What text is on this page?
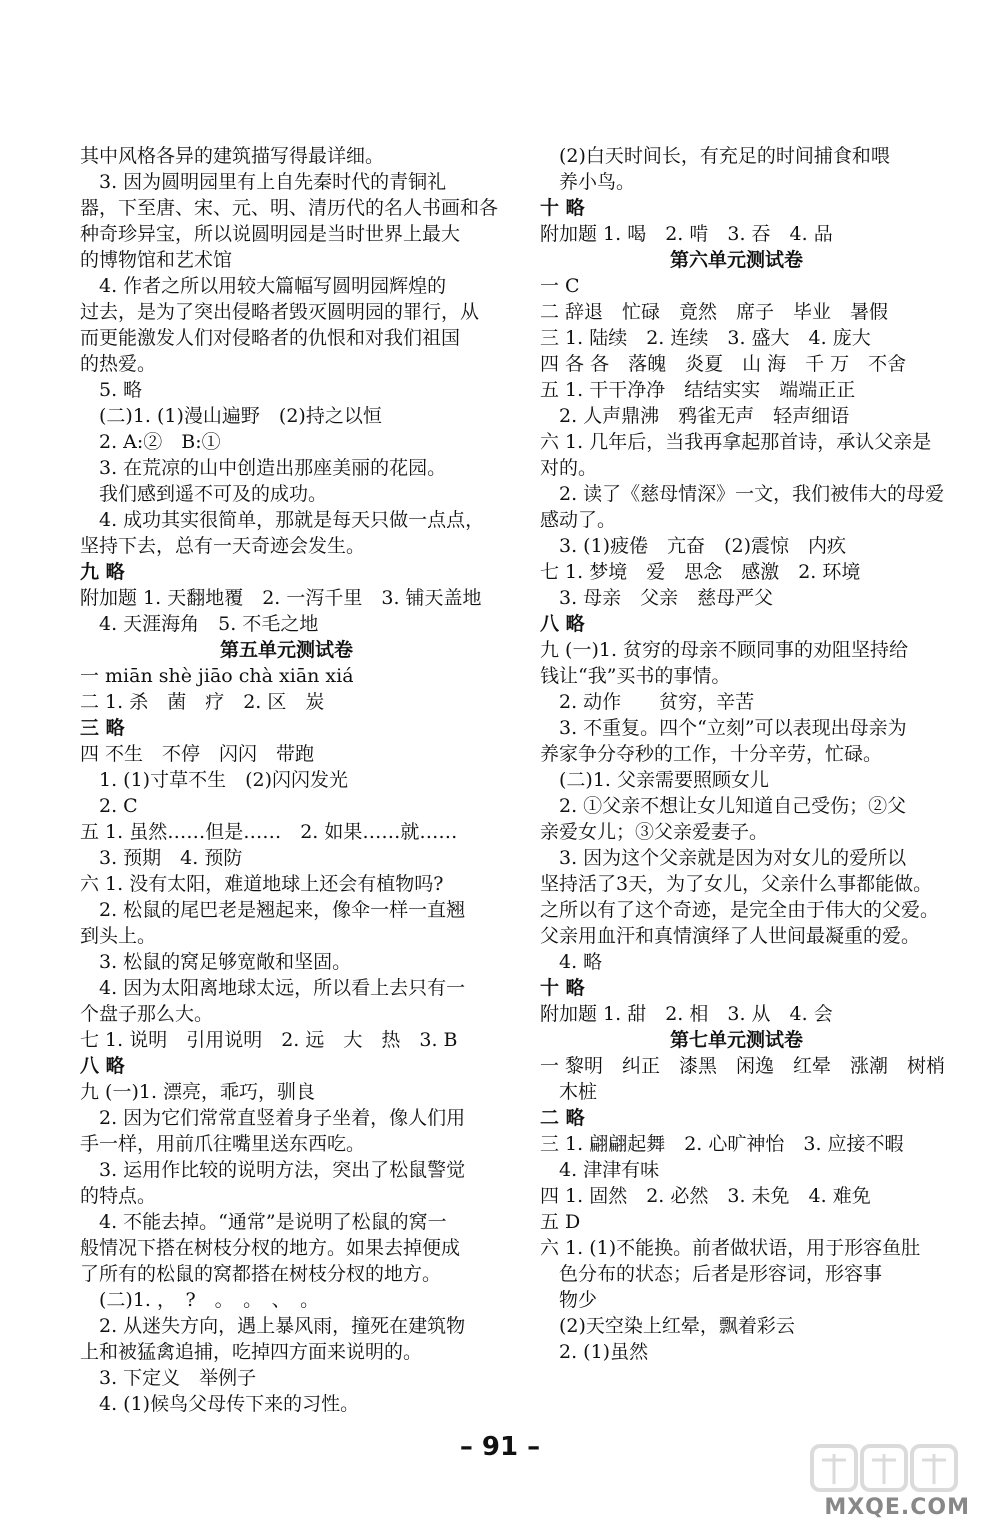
其中风格各异的建筑描写得最详细。
　3. 因为圆明园里有上自先秦时代的青铜礼
器，下至唐、宋、元、明、清历代的名人书画和各
种奇珍异宝，所以说圆明园是当时世界上最大
的博物馆和艺术馆
　4. 作者之所以用较大篇幅写圆明园辉煌的
过去，是为了突出侵略者毁灭圆明园的罪行，从
而更能激发人们对侵略者的仇恨和对我们祖国
的热爱。
　5. 略
　(二)1. (1)漫山遍野　(2)持之以恒
　2. A:②　B:①
　3. 在荒凉的山中创造出那座美丽的花园。
　我们感到遥不可及的成功。
　4. 成功其实很简单，那就是每天只做一点点，
坚持下去，总有一天奇迹会发生。
九 略
附加题 1. 天翻地覆　2. 一泻千里　3. 铺天盖地
　4. 天涯海角　5. 不毛之地
第五单元测试卷
一 miān shè jiāo chà xiān xiá
二 1. 杀　菌　疗　2. 区　炭
三 略
四 不生　不停　闪闪　带跑
　1. (1)寸草不生　(2)闪闪发光
　2. C
五 1. 虽然……但是……　2. 如果……就……
　3. 预期　4. 预防
六 1. 没有太阳，难道地球上还会有植物吗?
　2. 松鼠的尾巴老是翘起来，像伞一样一直翘
到头上。
　3. 松鼠的窝足够宽敞和坚固。
　4. 因为太阳离地球太远，所以看上去只有一
个盘子那么大。
七 1. 说明　引用说明　2. 远　大　热　3. B
八 略
九 (一)1. 漂亮，乖巧，驯良
　2. 因为它们常常直竖着身子坐着，像人们用
手一样，用前爪往嘴里送东西吃。
　3. 运用作比较的说明方法，突出了松鼠警觉
的特点。
　4. 不能去掉。“通常”是说明了松鼠的窝一
般情况下搭在树枝分杈的地方。如果去掉便成
了所有的松鼠的窝都搭在树枝分杈的地方。
　(二)1. ，　?　。　。　、　。
　2. 从迷失方向，遇上暴风雨，撞死在建筑物
上和被猛禽追捕，吃掉四方面来说明的。
　3. 下定义　举例子
　4. (1)候鸟父母传下来的习性。
　(2)白天时间长，有充足的时间捕食和喂
　养小鸟。
十 略
附加题 1. 喝　2. 啃　3. 吞　4. 品
第六单元测试卷
一 C
二 辞退　忙碌　竟然　席子　毕业　暑假
三 1. 陆续　2. 连续　3. 盛大　4. 庞大
四 各 各　落魄　炎夏　山 海　千 万　不舍
五 1. 干干净净　结结实实　端端正正
　2. 人声鼎沸　鸦雀无声　轻声细语
六 1. 几年后，当我再拿起那首诗，承认父亲是
对的。
　2. 读了《慈母情深》一文，我们被伟大的母爱
感动了。
　3. (1)疲倦　亢奋　(2)震惊　内疚
七 1. 梦境　爱　思念　感激　2. 环境
　3. 母亲　父亲　慈母严父
八 略
九 (一)1. 贫穷的母亲不顾同事的劝阻坚持给
钱让“我”买书的事情。
　2. 动作　　贫穷，辛苦
　3. 不重复。四个“立刻”可以表现出母亲为
养家争分夺秒的工作，十分辛劳，忙碌。
　(二)1. 父亲需要照顾女儿
　2. ①父亲不想让女儿知道自己受伤；②父
亲爱女儿；③父亲爱妻子。
　3. 因为这个父亲就是因为对女儿的爱所以
坚持活了3天，为了女儿，父亲什么事都能做。
之所以有了这个奇迹，是完全由于伟大的父爱。
父亲用血汗和真情演绎了人世间最凝重的爱。
　4. 略
十 略
附加题 1. 甜　2. 相　3. 从　4. 会
第七单元测试卷
一 黎明　纠正　漆黑　闲逸　红晕　涨潮　树梢
　木桩
二 略
三 1. 翩翩起舞　2. 心旷神怡　3. 应接不暇
　4. 津津有味
四 1. 固然　2. 必然　3. 未免　4. 难免
五 D
六 1. (1)不能换。前者做状语，用于形容鱼肚
　色分布的状态；后者是形容词，形容事
　物少
　(2)天空染上红晕，飘着彩云
　2. (1)虽然
– 91 –
MXQE.COM
